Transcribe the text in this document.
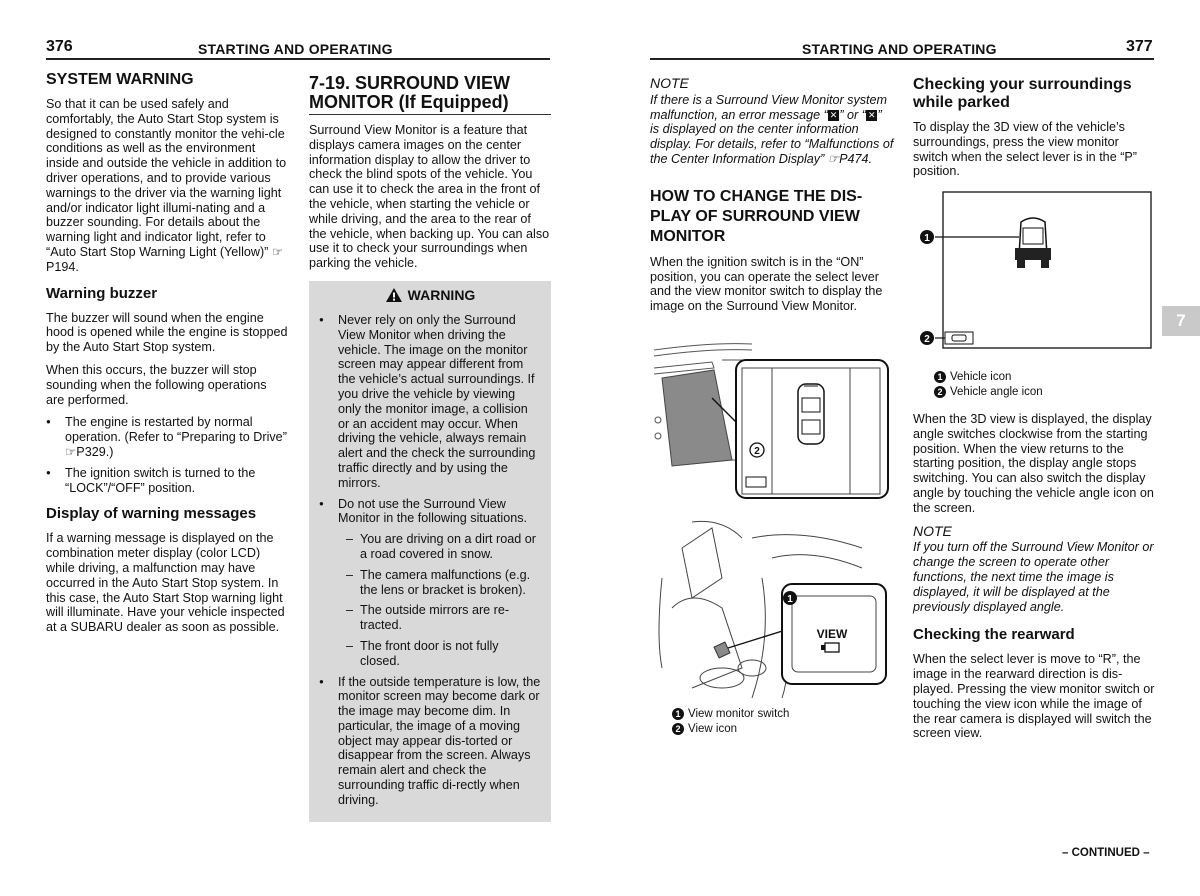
376	STARTING AND OPERATING
SYSTEM WARNING

So that it can be used safely and comfortably, the Auto Start Stop system is designed to constantly monitor the vehi-cle conditions as well as the environment inside and outside the vehicle in addition to driver operations, and to provide various warnings to the driver via the warning light and/or indicator light illumi-nating and a buzzer sounding. For details about the warning light and indicator light, refer to “Auto Start Stop Warning Light (Yellow)” ☞P194.

Warning buzzer

The buzzer will sound when the engine hood is opened while the engine is stopped by the Auto Start Stop system.

When this occurs, the buzzer will stop sounding when the following operations are performed.

● The engine is restarted by normal operation. (Refer to “Preparing to Drive” ☞P329.)
● The ignition switch is turned to the “LOCK”/“OFF” position.
Display of warning messages

If a warning message is displayed on the combination meter display (color LCD) while driving, a malfunction may have occurred in the Auto Start Stop system. In this case, the Auto Start Stop warning light will illuminate. Have your vehicle inspected at a SUBARU dealer as soon as possible.

7-19. SURROUND VIEW MONITOR (If Equipped)

Surround View Monitor is a feature that displays camera images on the center information display to allow the driver to check the blind spots of the vehicle. You can use it to check the area in the front of the vehicle, when starting the vehicle or while driving, and the area to the rear of the vehicle, when backing up. You can also use it to check your surroundings when parking the vehicle.

WARNING
● Never rely on only the Surround View Monitor when driving the vehicle. The image on the monitor screen may appear different from the vehicle’s actual surroundings. If you drive the vehicle by viewing only the monitor image, a collision or an accident may occur. When driving the vehicle, always remain alert and the check the surrounding traffic directly and by using the mirrors.
● Do not use the Surround View Monitor in the following situations.
– You are driving on a dirt road or a road covered in snow.
– The camera malfunctions (e.g. the lens or bracket is broken).
– The outside mirrors are re-tracted.
– The front door is not fully closed.
● If the outside temperature is low, the monitor screen may become dark or the image may become dim. In particular, the image of a moving object may appear dis-torted or disappear from the screen. Always remain alert and check the surrounding traffic di-rectly when driving.
STARTING AND OPERATING	377
NOTE

If there is a Surround View Monitor system malfunction, an error message “ ✕ ” or “ ✕ ” is displayed on the center information display. For details, refer to “Malfunctions of the Center Information Display” ☞P474.

HOW TO CHANGE THE DIS-PLAY OF SURROUND VIEW MONITOR

When the ignition switch is in the “ON” position, you can operate the select lever and the view monitor switch to display the image on the Surround View Monitor.

2
VIEW
1
1 View monitor switch
2 View icon
Checking your surroundings while parked

To display the 3D view of the vehicle’s surroundings, press the view monitor switch when the select lever is in the “P” position.

1
2
1 Vehicle icon
2 Vehicle angle icon

When the 3D view is displayed, the display angle switches clockwise from the starting position. When the view returns to the starting position, the display angle stops switching. You can also switch the display angle by touching the vehicle angle icon on the screen.

NOTE

If you turn off the Surround View Monitor or change the screen to operate other functions, the next time the image is displayed, it will be displayed at the previously displayed angle.

Checking the rearward

When the select lever is move to “R”, the image in the rearward direction is dis-played. Pressing the view monitor switch or touching the view icon while the image of the rear camera is displayed will switch the screen view.

7
– CONTINUED –
